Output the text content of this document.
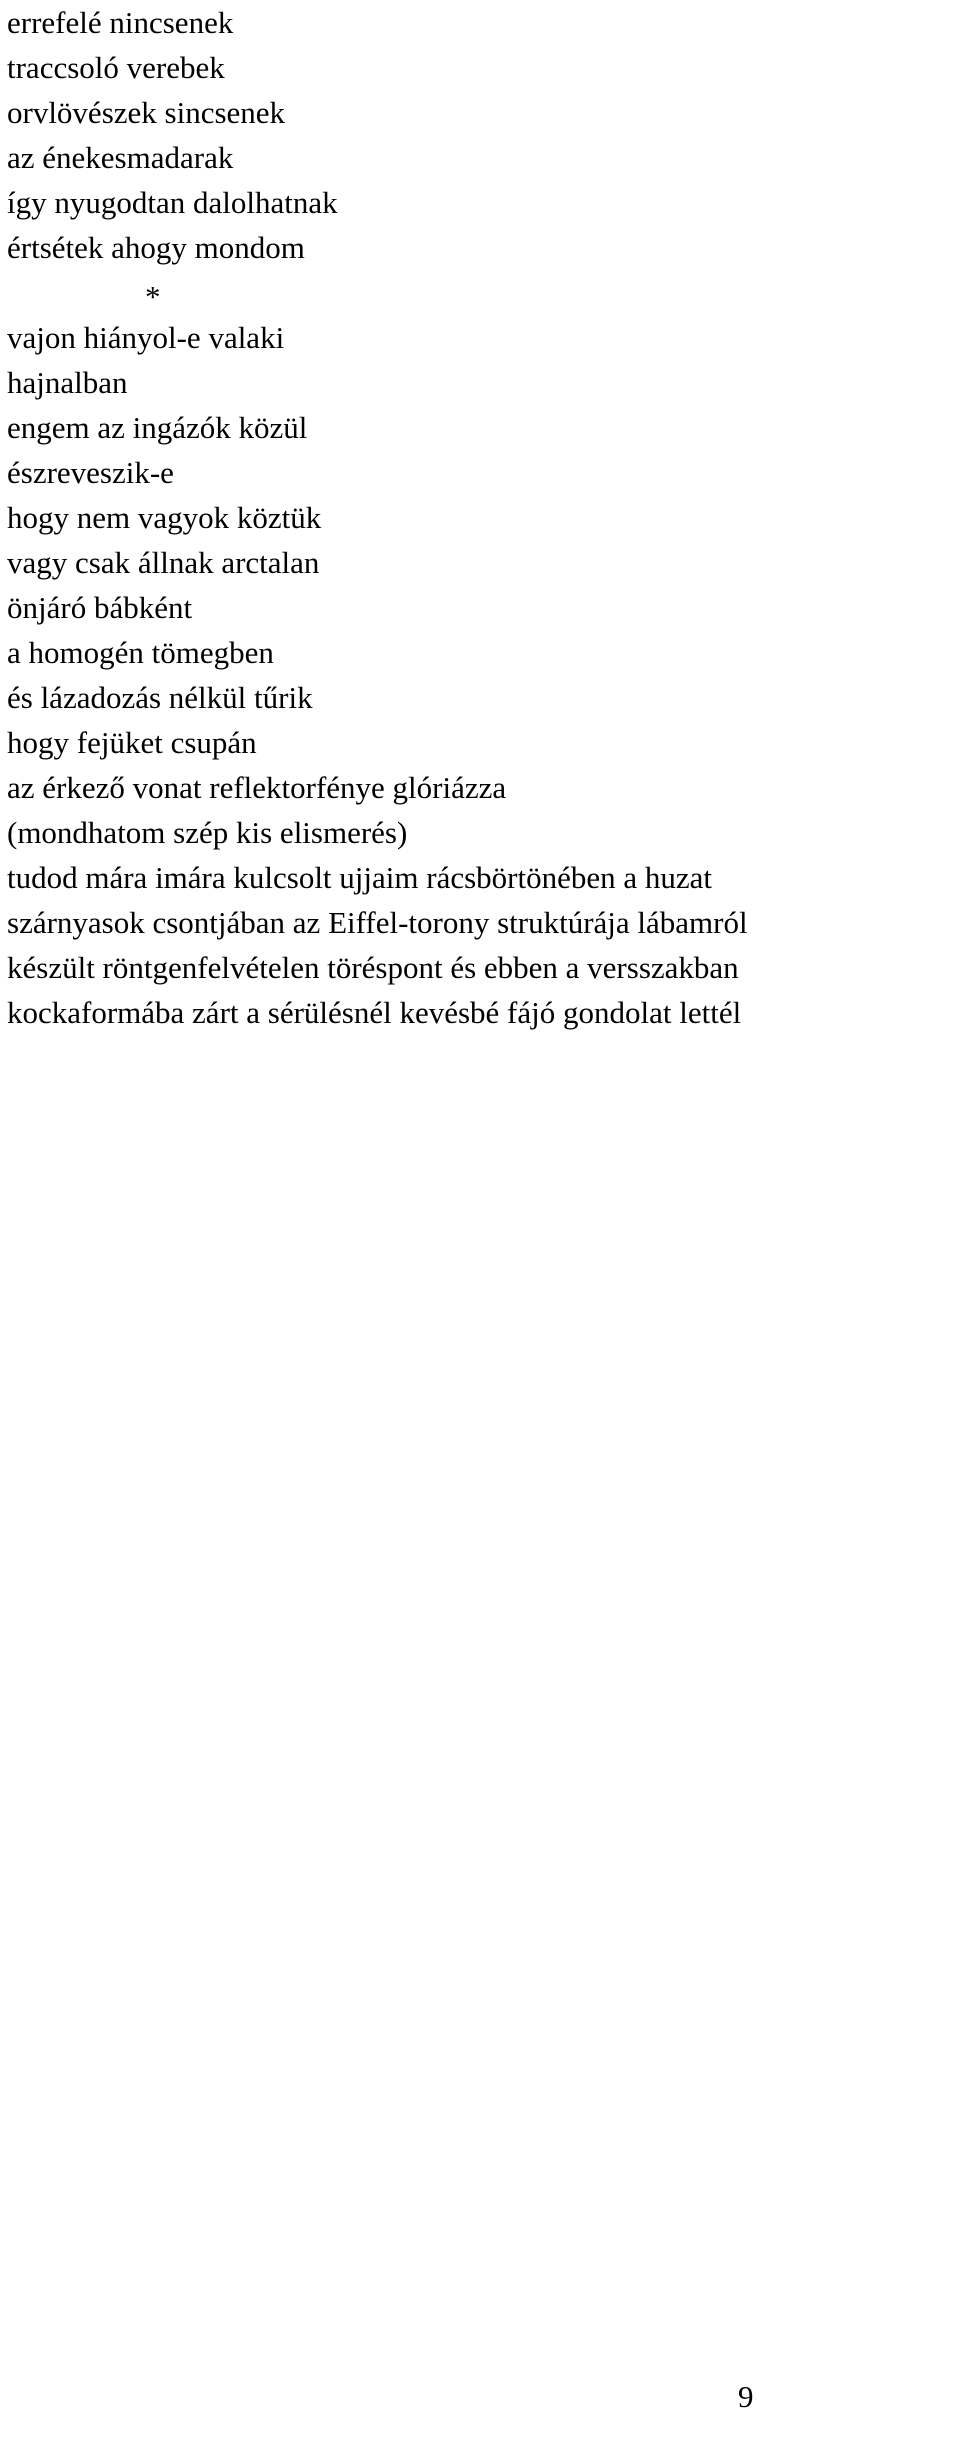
errefelé nincsenek
traccsoló verebek
orvlövészek sincsenek
az énekesmadarak
így nyugodtan dalolhatnak
értsétek ahogy mondom
*
vajon hiányol-e valaki
hajnalban
engem az ingázók közül
észreveszik-e
hogy nem vagyok köztük
vagy csak állnak arctalan
önjáró bábként
a homogén tömegben
és lázadozás nélkül tűrik
hogy fejüket csupán
az érkező vonat reflektorfénye glóriázza
(mondhatom szép kis elismerés)
tudod mára imára kulcsolt ujjaim rácsbörtönében a huzat
szárnyasok csontjában az Eiffel-torony struktúrája lábamról
készült röntgenfelvételen töréspont és ebben a versszakban
kockaformába zárt a sérülésnél kevésbé fájó gondolat lettél
9
